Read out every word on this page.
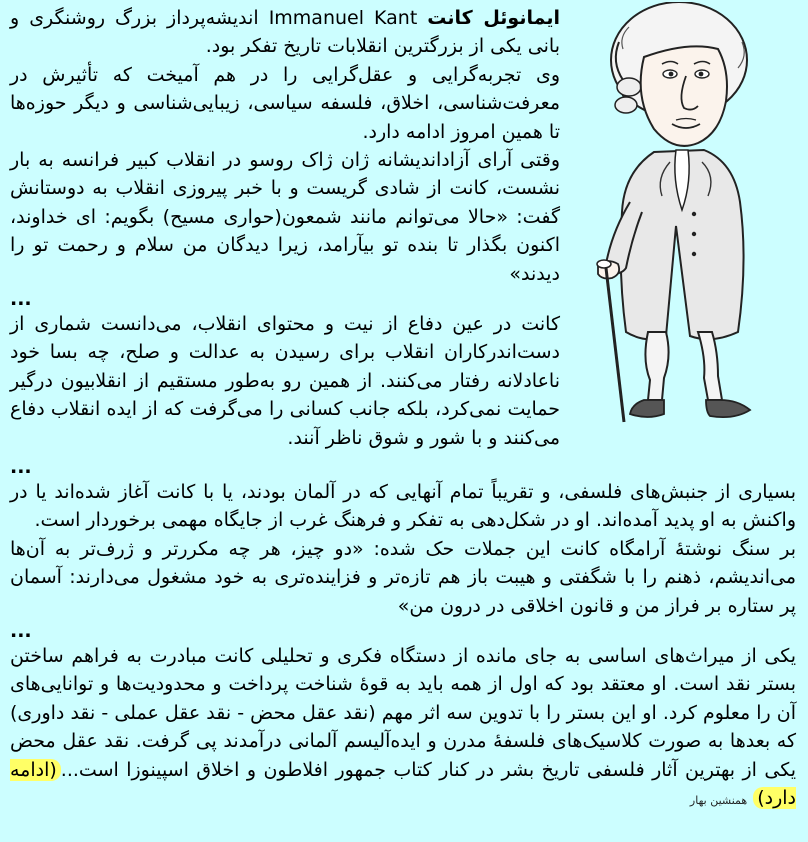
ایمانوئل کانت Immanuel Kant اندیشه‌پرداز بزرگ روشنگری و بانی یکی از بزرگترین انقلابات تاریخ تفکر بود.

وی تجربه‌گرایی و عقل‌گرایی را در هم آمیخت که تأثیرش در معرفت‌شناسی، اخلاق، فلسفه سیاسی، زیبایی‌شناسی و دیگر حوزه‌ها تا همین امروز ادامه دارد.

وقتی آرای آزاداندیشانه ژان ژاک روسو در انقلاب کبیر فرانسه به بار نشست، کانت از شادی گریست و با خبر پیروزی انقلاب به دوستانش گفت: «حالا می‌توانم مانند شمعون(حواری مسیح) بگویم: ای خداوند، اکنون بگذار تا بنده تو بیآرامد، زیرا دیدگان من سلام و رحمت تو را دیدند»

...

کانت در عین دفاع از نیت و محتوای انقلاب، می‌دانست شماری از دست‌اندرکاران انقلاب برای رسیدن به عدالت و صلح، چه بسا خود ناعادلانه رفتار می‌کنند. از همین رو به‌طور مستقیم از انقلابیون درگیر حمایت نمی‌کرد، بلکه جانب کسانی را می‌گرفت که از ایده انقلاب دفاع می‌کنند و با شور و شوق ناظر آنند.

...

بسیاری از جنبش‌های فلسفی، و تقریباً تمام آنهایی که در آلمان بودند، یا با کانت آغاز شده‌اند یا در واکنش به او پدید آمده‌اند. او در شکل‌دهی به تفکر و فرهنگ غرب از جایگاه مهمی برخوردار است.

بر سنگ نوشتهٔ آرامگاه کانت این جملات حک شده: «دو چیز، هر چه مکررتر و ژرف‌تر به آن‌ها می‌اندیشم، ذهنم را با شگفتی و هیبت باز هم تازه‌تر و فزاینده‌تری به خود مشغول می‌دارند: آسمان پر ستاره بر فراز من و قانون اخلاقی در درون من»

...

یکی از میراث‌های اساسی به جای مانده از دستگاه فکری و تحلیلی کانت مبادرت به فراهم ساختن بستر نقد است. او معتقد بود که اول از همه باید به قوهٔ شناخت پرداخت و محدودیت‌ها و توانایی‌های آن را معلوم کرد. او این بستر را با تدوین سه اثر مهم (نقد عقل محض - نقد عقل عملی - نقد داوری) که بعدها به صورت کلاسیک‌های فلسفهٔ مدرن و ایده‌آلیسم آلمانی درآمدند پی گرفت. نقد عقل محض یکی از بهترین آثار فلسفی تاریخ بشر در کنار کتاب جمهور افلاطون و اخلاق اسپینوزا است...(ادامه دارد)همنشین بهار
